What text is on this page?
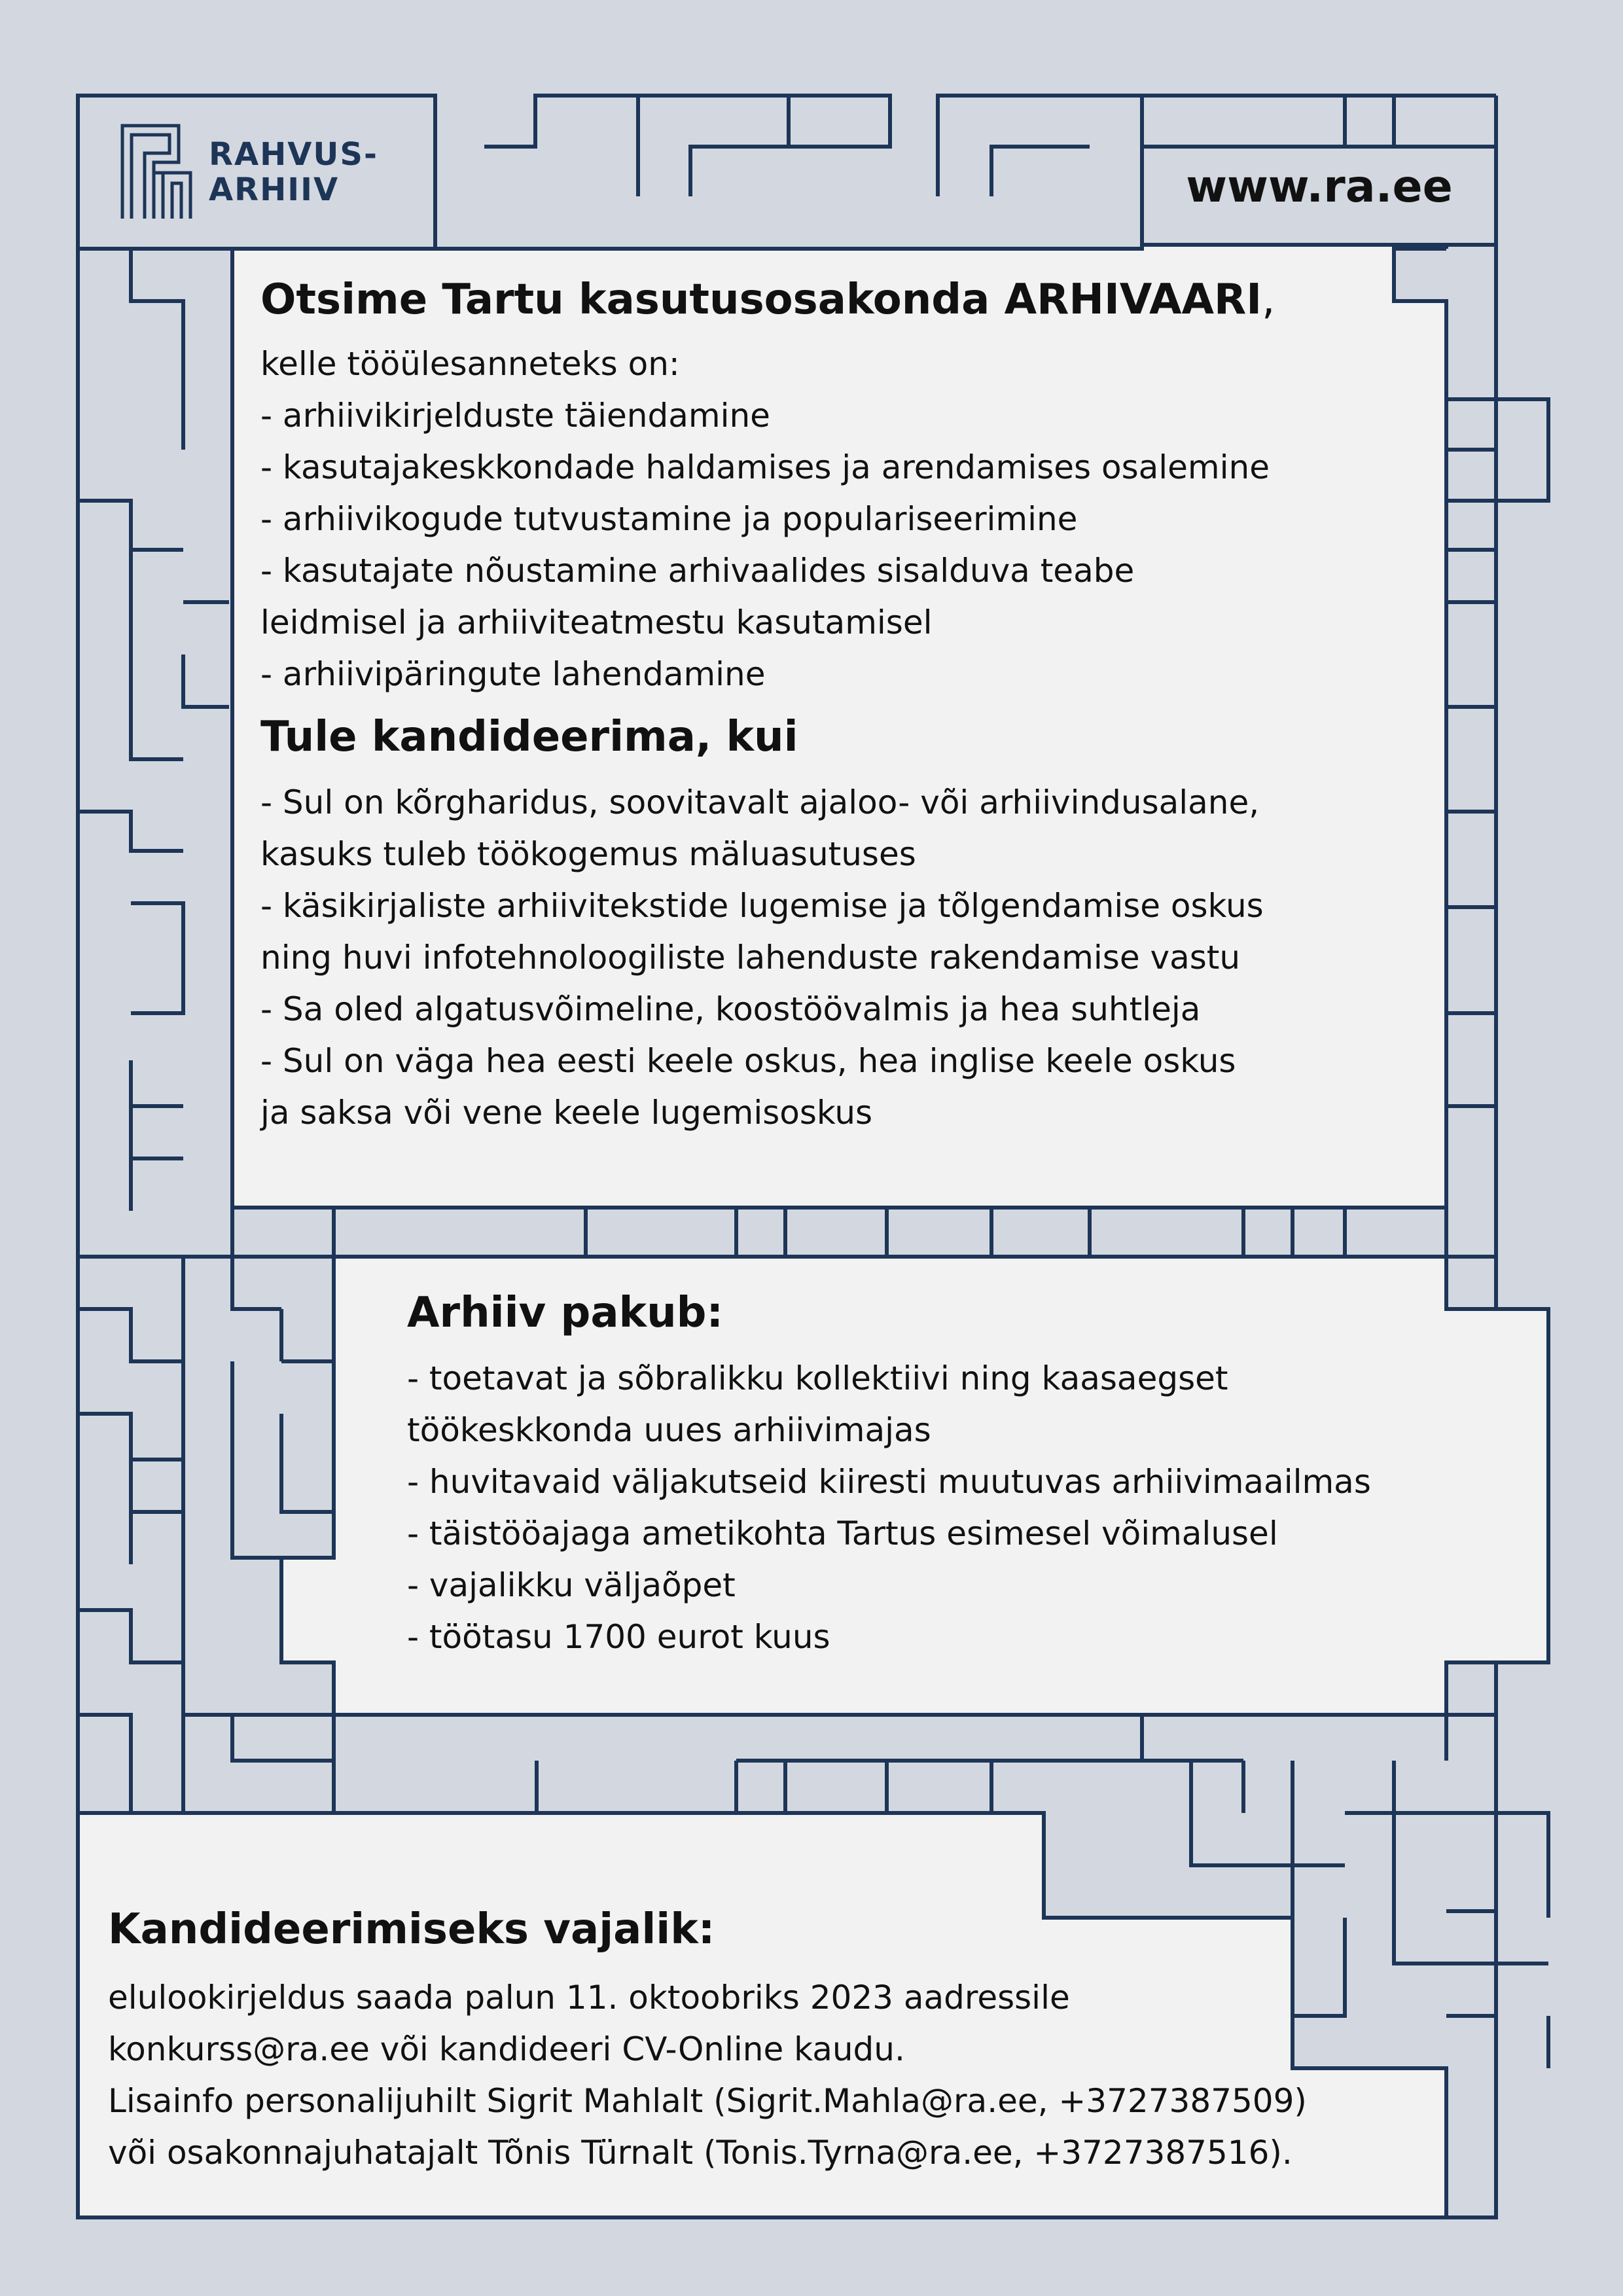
RAHVUS-
ARHIIV	www.ra.ee

Otsime Tartu kasutusosakonda ARHIVAARI,

kelle tööülesanneteks on:

- arhiivikirjelduste täiendamine

- kasutajakeskkondade haldamises ja arendamises osalemine

- arhiivikogude tutvustamine ja populariseerimine

- kasutajate nõustamine arhivaalides sisalduva teabe

leidmisel ja arhiiviteatmestu kasutamisel

- arhiivipäringute lahendamine

Tule kandideerima, kui

- Sul on kõrgharidus, soovitavalt ajaloo- või arhiivindusalane,

kasuks tuleb töökogemus mäluasutuses

- käsikirjaliste arhiivitekstide lugemise ja tõlgendamise oskus

ning huvi infotehnoloogiliste lahenduste rakendamise vastu

- Sa oled algatusvõimeline, koostöövalmis ja hea suhtleja

- Sul on väga hea eesti keele oskus, hea inglise keele oskus

ja saksa või vene keele lugemisoskus

Arhiiv pakub:

- toetavat ja sõbralikku kollektiivi ning kaasaegset

töökeskkonda uues arhiivimajas

- huvitavaid väljakutseid kiiresti muutuvas arhiivimaailmas

- täistööajaga ametikohta Tartus esimesel võimalusel

- vajalikku väljaõpet

- töötasu 1700 eurot kuus

Kandideerimiseks vajalik:

elulookirjeldus saada palun 11. oktoobriks 2023 aadressile

konkurss@ra.ee või kandideeri CV-Online kaudu.

Lisainfo personalijuhilt Sigrit Mahlalt (Sigrit.Mahla@ra.ee, +3727387509)

või osakonnajuhatajalt Tõnis Türnalt (Tonis.Tyrna@ra.ee, +3727387516).
